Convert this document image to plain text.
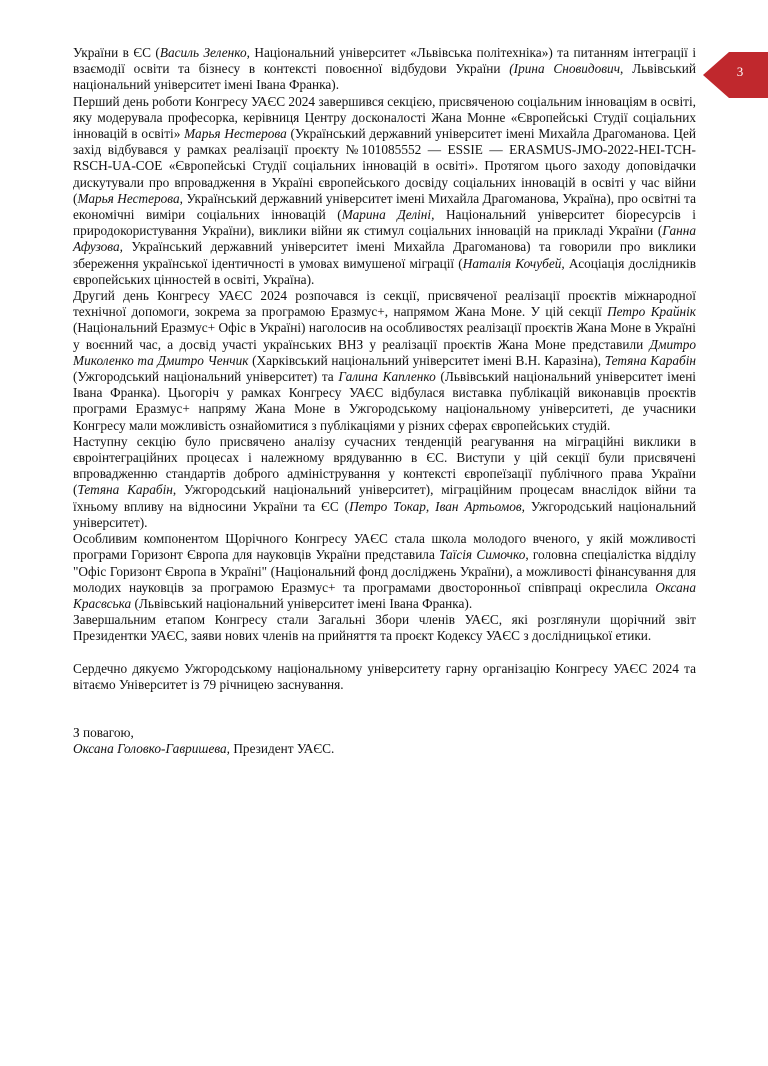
3

України в ЄС (Василь Зеленко, Національний університет «Львівська політехніка») та питанням інтеграції і взаємодії освіти та бізнесу в контексті повоєнної відбудови України (Ірина Сновидович, Львівський національний університет імені Івана Франка).

Перший день роботи Конгресу УАЄС 2024 завершився секцією, присвяченою соціальним інноваціям в освіті, яку модерувала професорка, керівниця Центру досконалості Жана Монне «Європейські Студії соціальних інновацій в освіті» Марья Нестерова (Український державний університет імені Михайла Драгоманова. Цей захід відбувався у рамках реалізації проєкту №101085552 — ESSIE — ERASMUS-JMO-2022-HEI-TCH-RSCH-UA-COE «Європейські Студії соціальних інновацій в освіті». Протягом цього заходу доповідачки дискутували про впровадження в Україні європейського досвіду соціальних інновацій в освіті у час війни (Марья Нестерова, Український державний університет імені Михайла Драгоманова, Україна), про освітні та економічні виміри соціальних інновацій (Марина Деліні, Національний університет біоресурсів і природокористування України), виклики війни як стимул соціальних інновацій на прикладі України (Ганна Афузова, Український державний університет імені Михайла Драгоманова) та говорили про виклики збереження української ідентичності в умовах вимушеної міграції (Наталія Кочубей, Асоціація дослідників європейських цінностей в освіті, Україна).

Другий день Конгресу УАЄС 2024 розпочався із секції, присвяченої реалізації проєктів міжнародної технічної допомоги, зокрема за програмою Еразмус+, напрямом Жана Моне. У цій секції Петро Крайнік (Національний Еразмус+ Офіс в Україні) наголосив на особливостях реалізації проєктів Жана Моне в Україні у воєнний час, а досвід участі українських ВНЗ у реалізації проєктів Жана Моне представили Дмитро Миколенко та Дмитро Ченчик (Харківський національний університет імені В.Н. Каразіна), Тетяна Карабін (Ужгородський національний університет) та Галина Капленко (Львівський національний університет імені Івана Франка). Цьогоріч у рамках Конгресу УАЄС відбулася виставка публікацій виконавців проєктів програми Еразмус+ напряму Жана Моне в Ужгородському національному університеті, де учасники Конгресу мали можливість ознайомитися з публікаціями у різних сферах європейських студій.

Наступну секцію було присвячено аналізу сучасних тенденцій реагування на міграційні виклики в євроінтеграційних процесах і належному врядуванню в ЄС. Виступи у цій секції були присвячені впровадженню стандартів доброго адміністрування у контексті європеїзації публічного права України (Тетяна Карабін, Ужгородський національний університет), міграційним процесам внаслідок війни та їхньому впливу на відносини України та ЄС (Петро Токар, Іван Артьомов, Ужгородський національний університет).

Особливим компонентом Щорічного Конгресу УАЄС стала школа молодого вченого, у якій можливості програми Горизонт Європа для науковців України представила Таїсія Симочко, головна спеціалістка відділу "Офіс Горизонт Європа в Україні" (Національний фонд досліджень України), а можливості фінансування для молодих науковців за програмою Еразмус+ та програмами двосторонньої співпраці окреслила Оксана Красвська (Львівський національний університет імені Івана Франка).

Завершальним етапом Конгресу стали Загальні Збори членів УАЄС, які розглянули щорічний звіт Президентки УАЄС, заяви нових членів на прийняття та проєкт Кодексу УАЄС з дослідницької етики.

Сердечно дякуємо Ужгородському національному університету гарну організацію Конгресу УАЄС 2024 та вітаємо Університет із 79 річницею заснування.

З повагою,

Оксана Головко-Гавришева, Президент УАЄС.
